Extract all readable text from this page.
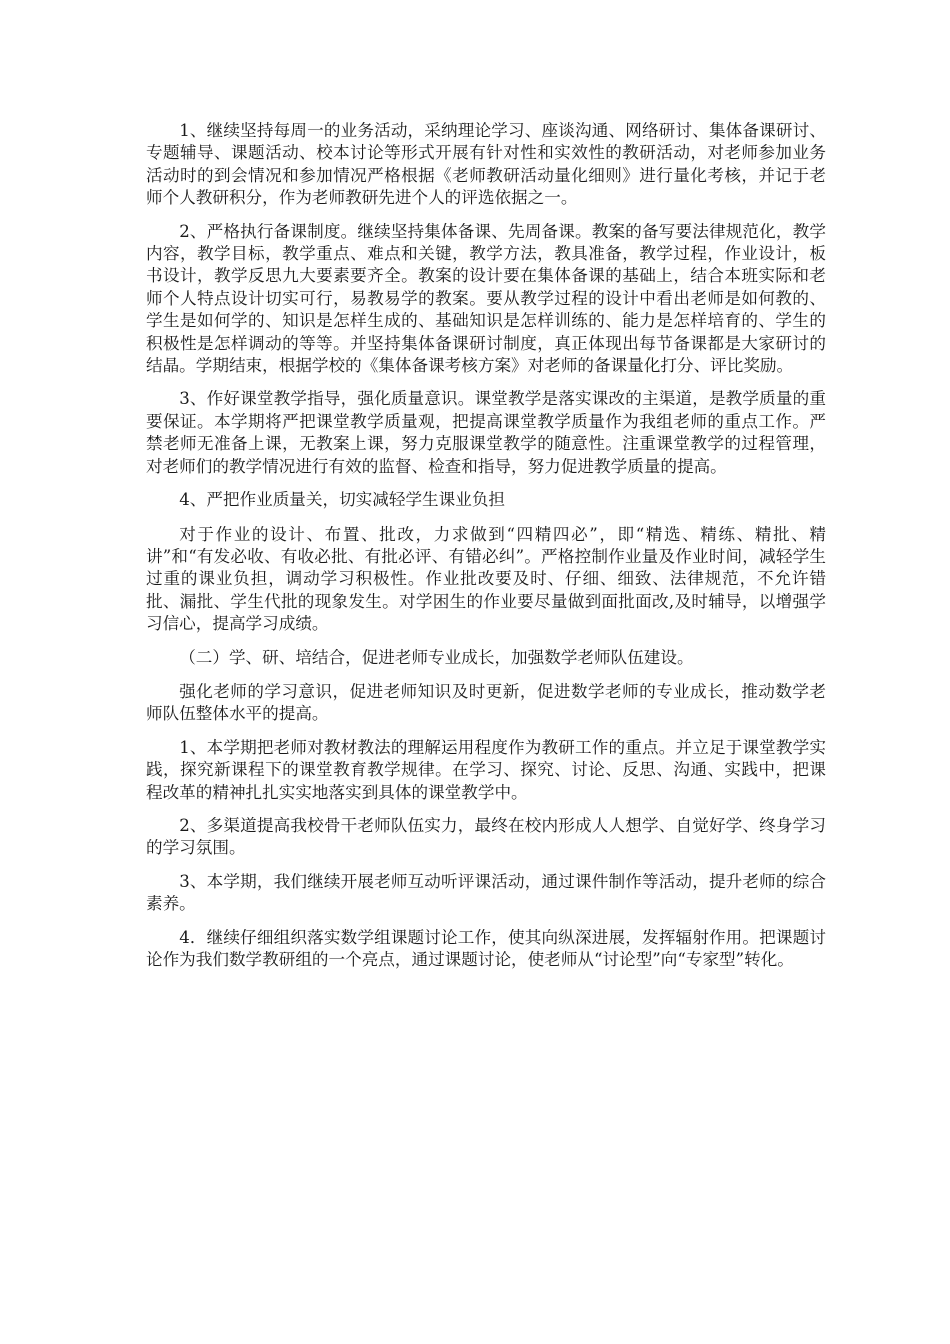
1、继续坚持每周一的业务活动，采纳理论学习、座谈沟通、网络研讨、集体备课研讨、专题辅导、课题活动、校本讨论等形式开展有针对性和实效性的教研活动，对老师参加业务活动时的到会情况和参加情况严格根据《老师教研活动量化细则》进行量化考核，并记于老师个人教研积分，作为老师教研先进个人的评选依据之一。

2、严格执行备课制度。继续坚持集体备课、先周备课。教案的备写要法律规范化，教学内容，教学目标，教学重点、难点和关键，教学方法，教具准备，教学过程，作业设计，板书设计，教学反思九大要素要齐全。教案的设计要在集体备课的基础上，结合本班实际和老师个人特点设计切实可行，易教易学的教案。要从教学过程的设计中看出老师是如何教的、学生是如何学的、知识是怎样生成的、基础知识是怎样训练的、能力是怎样培育的、学生的积极性是怎样调动的等等。并坚持集体备课研讨制度，真正体现出每节备课都是大家研讨的结晶。学期结束，根据学校的《集体备课考核方案》对老师的备课量化打分、评比奖励。

3、作好课堂教学指导，强化质量意识。课堂教学是落实课改的主渠道，是教学质量的重要保证。本学期将严把课堂教学质量观，把提高课堂教学质量作为我组老师的重点工作。严禁老师无准备上课，无教案上课，努力克服课堂教学的随意性。注重课堂教学的过程管理，对老师们的教学情况进行有效的监督、检查和指导，努力促进教学质量的提高。

4、严把作业质量关，切实减轻学生课业负担

对于作业的设计、布置、批改，力求做到“四精四必”，即“精选、精练、精批、精讲”和“有发必收、有收必批、有批必评、有错必纠”。严格控制作业量及作业时间，减轻学生过重的课业负担，调动学习积极性。作业批改要及时、仔细、细致、法律规范，不允许错批、漏批、学生代批的现象发生。对学困生的作业要尽量做到面批面改,及时辅导，以增强学习信心，提高学习成绩。

（二）学、研、培结合，促进老师专业成长，加强数学老师队伍建设。

强化老师的学习意识，促进老师知识及时更新，促进数学老师的专业成长，推动数学老师队伍整体水平的提高。

1、本学期把老师对教材教法的理解运用程度作为教研工作的重点。并立足于课堂教学实践，探究新课程下的课堂教育教学规律。在学习、探究、讨论、反思、沟通、实践中，把课程改革的精神扎扎实实地落实到具体的课堂教学中。

2、多渠道提高我校骨干老师队伍实力，最终在校内形成人人想学、自觉好学、终身学习的学习氛围。

3、本学期，我们继续开展老师互动听评课活动，通过课件制作等活动，提升老师的综合素养。

4．继续仔细组织落实数学组课题讨论工作，使其向纵深进展，发挥辐射作用。把课题讨论作为我们数学教研组的一个亮点，通过课题讨论，使老师从“讨论型”向“专家型”转化。
